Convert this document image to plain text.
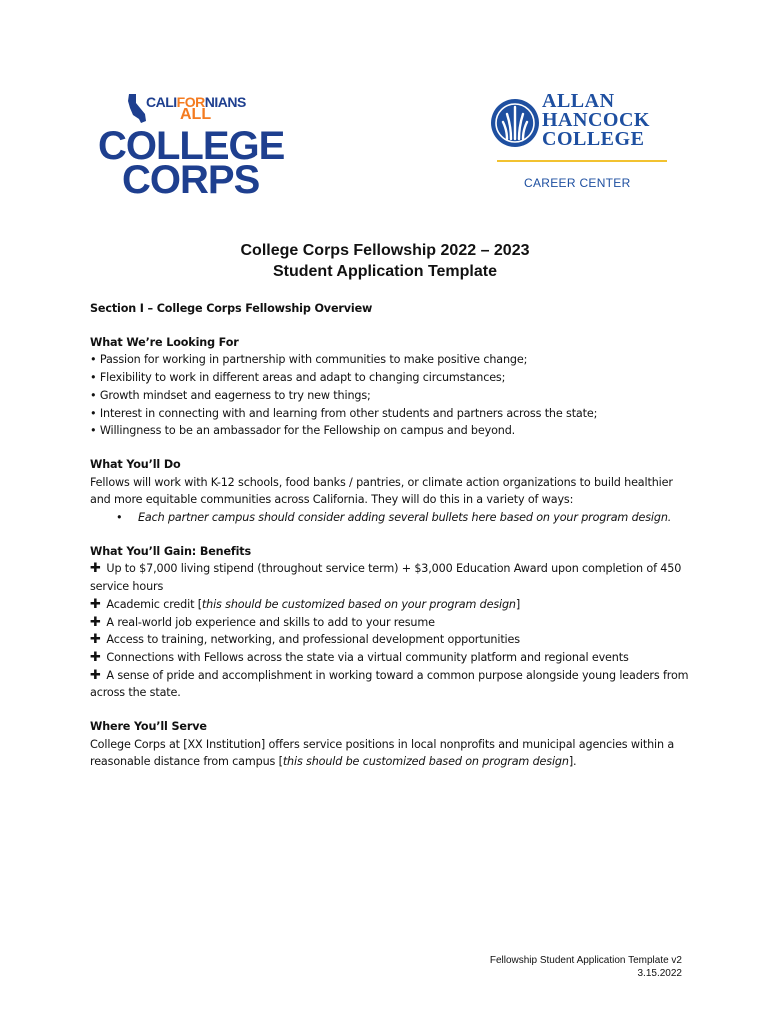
CALIFORNIANS
ALL
COLLEGE
CORPS
ALLAN
HANCOCK
COLLEGE
CAREER CENTER
College Corps Fellowship 2022 – 2023
Student Application Template
Section I – College Corps Fellowship Overview
What We’re Looking For
• Passion for working in partnership with communities to make positive change;
• Flexibility to work in different areas and adapt to changing circumstances;
• Growth mindset and eagerness to try new things;
• Interest in connecting with and learning from other students and partners across the state;
• Willingness to be an ambassador for the Fellowship on campus and beyond.
What You’ll Do
Fellows will work with K-12 schools, food banks / pantries, or climate action organizations to build healthier and more equitable communities across California. They will do this in a variety of ways:
• Each partner campus should consider adding several bullets here based on your program design.
What You’ll Gain: Benefits
✚ Up to $7,000 living stipend (throughout service term) + $3,000 Education Award upon completion of 450 service hours
✚ Academic credit [this should be customized based on your program design]
✚ A real-world job experience and skills to add to your resume
✚ Access to training, networking, and professional development opportunities
✚ Connections with Fellows across the state via a virtual community platform and regional events
✚ A sense of pride and accomplishment in working toward a common purpose alongside young leaders from across the state.
Where You’ll Serve
College Corps at [XX Institution] offers service positions in local nonprofits and municipal agencies within a reasonable distance from campus [this should be customized based on program design].
Fellowship Student Application Template v2
3.15.2022
